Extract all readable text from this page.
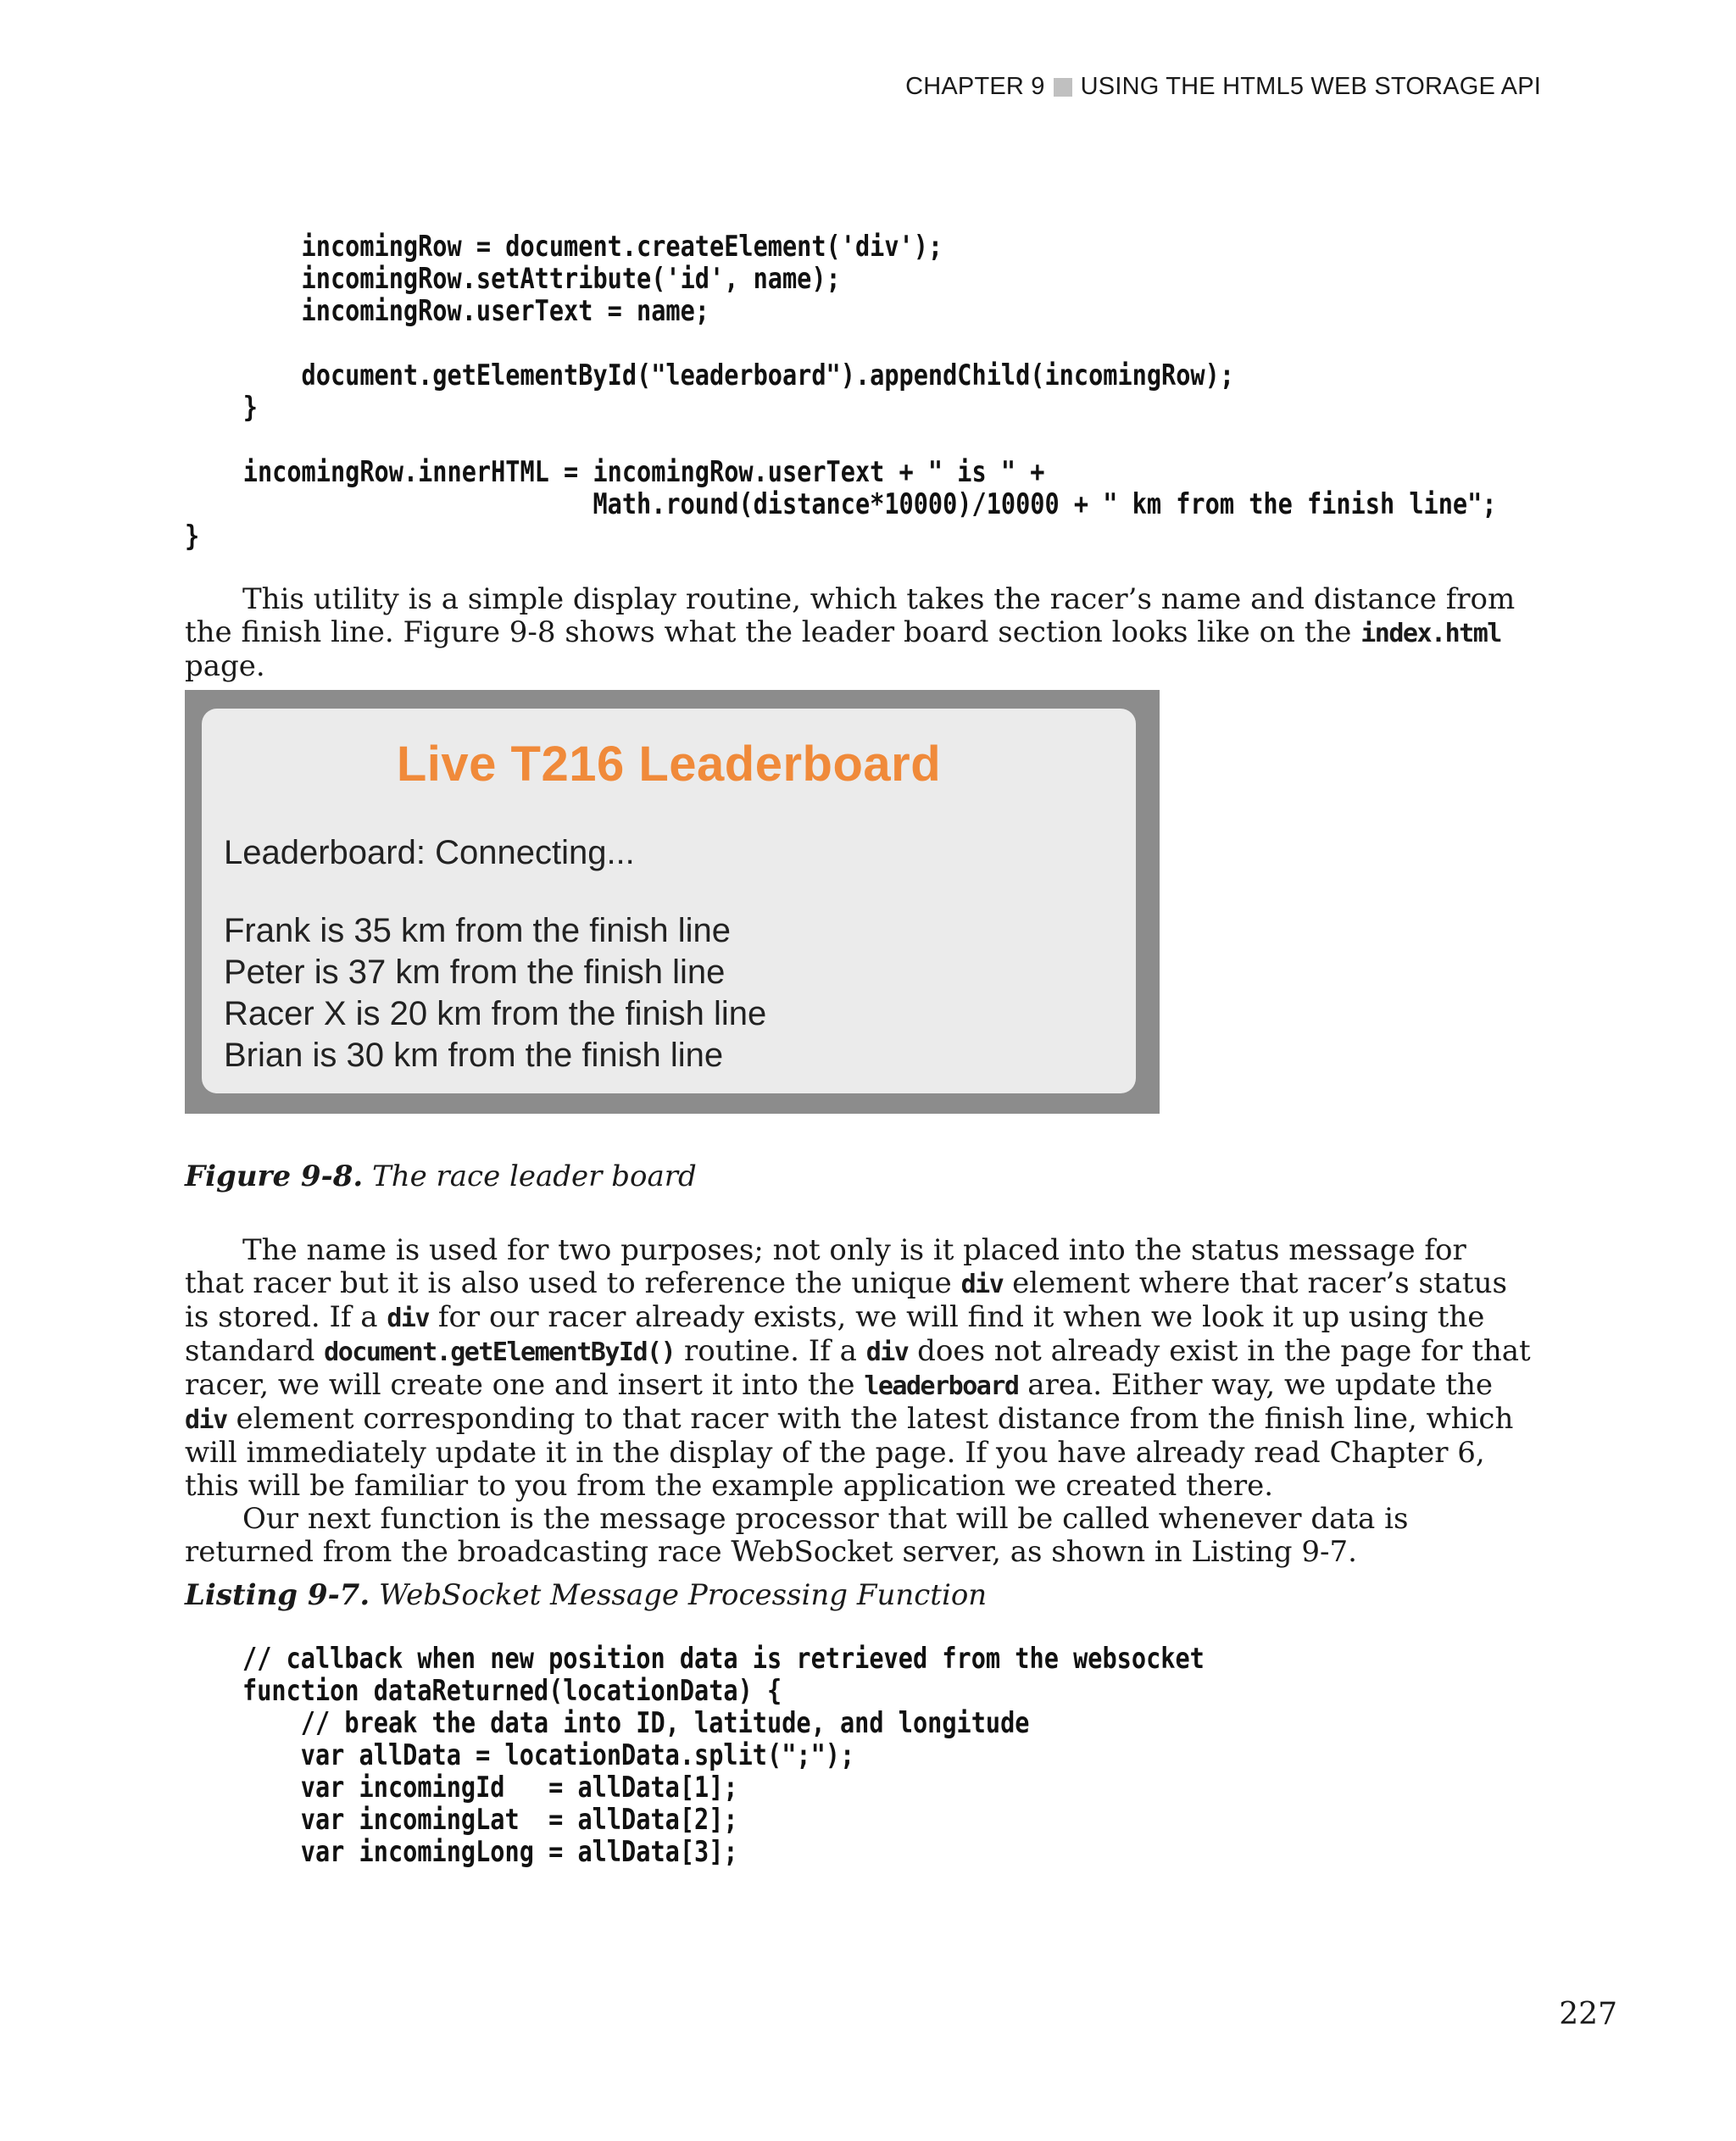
CHAPTER 9 USING THE HTML5 WEB STORAGE API
incomingRow = document.createElement('div');
incomingRow.setAttribute('id', name);
incomingRow.userText = name;

document.getElementById("leaderboard").appendChild(incomingRow);
}

incomingRow.innerHTML = incomingRow.userText + " is " +
Math.round(distance*10000)/10000 + " km from the finish line";
}

This utility is a simple display routine, which takes the racer’s name and distance from the finish line. Figure 9-8 shows what the leader board section looks like on the index.html page.

Live T216 Leaderboard
Leaderboard: Connecting...
Frank is 35 km from the finish line
Peter is 37 km from the finish line
Racer X is 20 km from the finish line
Brian is 30 km from the finish line

Figure 9-8. The race leader board

The name is used for two purposes; not only is it placed into the status message for that racer but it is also used to reference the unique div element where that racer’s status is stored. If a div for our racer already exists, we will find it when we look it up using the standard document.getElementById() routine. If a div does not already exist in the page for that racer, we will create one and insert it into the leaderboard area. Either way, we update the div element corresponding to that racer with the latest distance from the finish line, which will immediately update it in the display of the page. If you have already read Chapter 6, this will be familiar to you from the example application we created there.
Our next function is the message processor that will be called whenever data is returned from the broadcasting race WebSocket server, as shown in Listing 9-7.

Listing 9-7. WebSocket Message Processing Function

// callback when new position data is retrieved from the websocket
function dataReturned(locationData) {
// break the data into ID, latitude, and longitude
var allData = locationData.split(";");
var incomingId   = allData[1];
var incomingLat  = allData[2];
var incomingLong = allData[3];
227
